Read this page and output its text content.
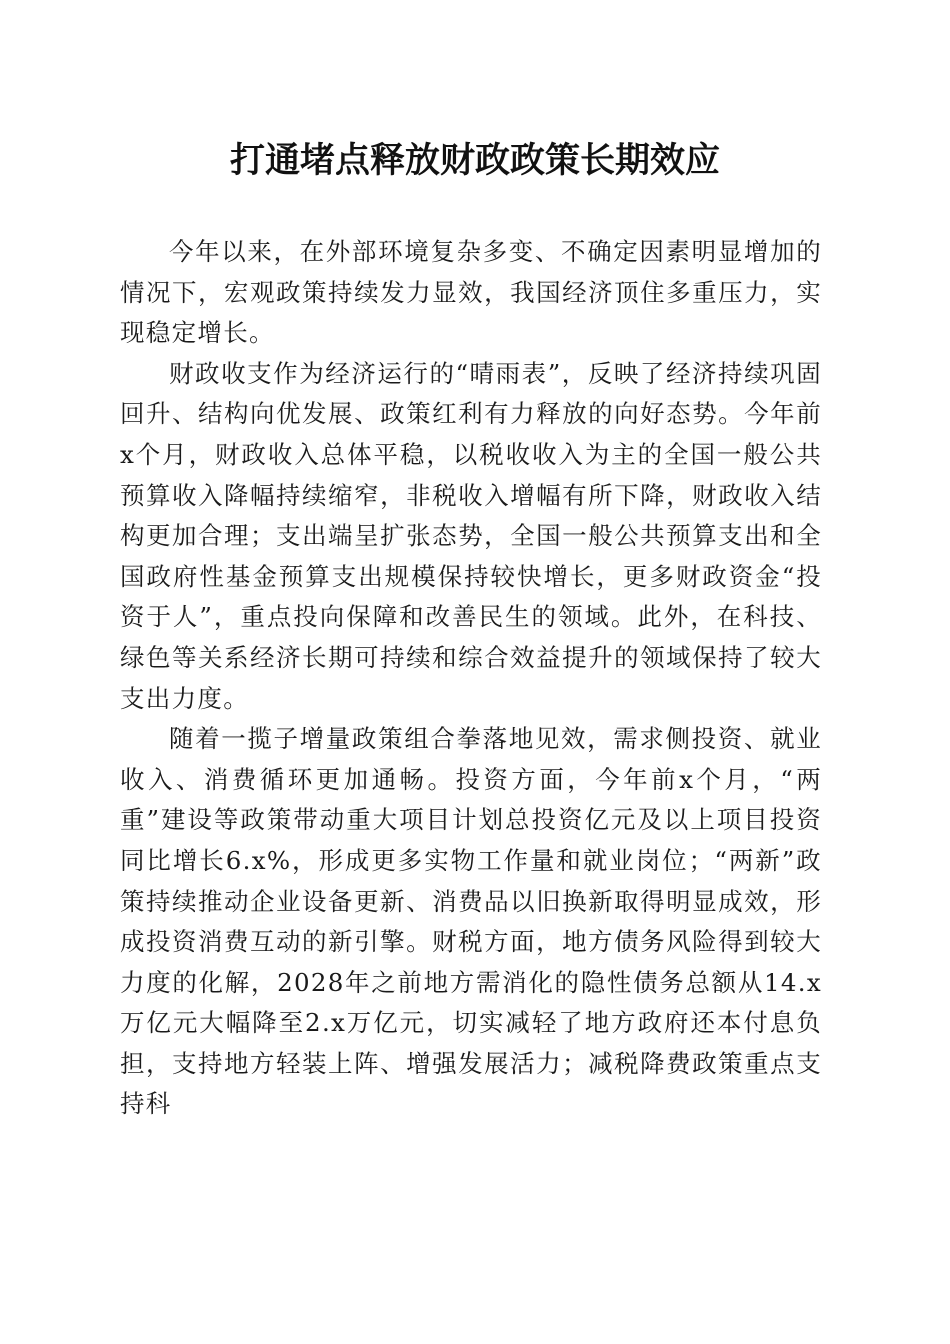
打通堵点释放财政政策长期效应

今年以来，在外部环境复杂多变、不确定因素明显增加的情况下，宏观政策持续发力显效，我国经济顶住多重压力，实现稳定增长。

财政收支作为经济运行的“晴雨表”，反映了经济持续巩固回升、结构向优发展、政策红利有力释放的向好态势。今年前x个月，财政收入总体平稳，以税收收入为主的全国一般公共预算收入降幅持续缩窄，非税收入增幅有所下降，财政收入结构更加合理；支出端呈扩张态势，全国一般公共预算支出和全国政府性基金预算支出规模保持较快增长，更多财政资金“投资于人”，重点投向保障和改善民生的领域。此外，在科技、绿色等关系经济长期可持续和综合效益提升的领域保持了较大支出力度。

随着一揽子增量政策组合拳落地见效，需求侧投资、就业收入、消费循环更加通畅。投资方面，今年前x个月，“两重”建设等政策带动重大项目计划总投资亿元及以上项目投资同比增长6.x%，形成更多实物工作量和就业岗位；“两新”政策持续推动企业设备更新、消费品以旧换新取得明显成效，形成投资消费互动的新引擎。财税方面，地方债务风险得到较大力度的化解，2028年之前地方需消化的隐性债务总额从14.x万亿元大幅降至2.x万亿元，切实减轻了地方政府还本付息负担，支持地方轻装上阵、增强发展活力；减税降费政策重点支持科
